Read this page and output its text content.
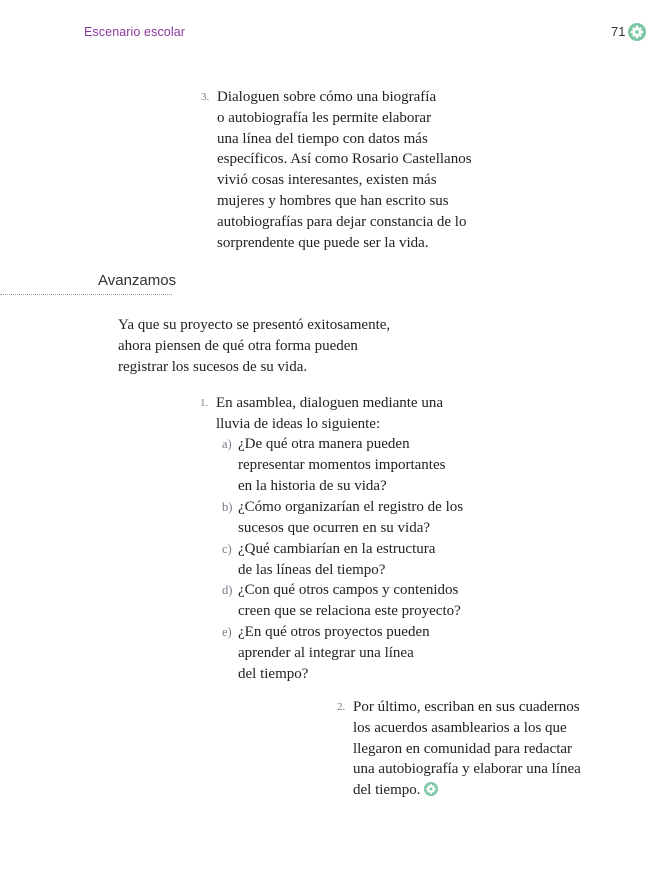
Escenario escolar	71
3. Dialoguen sobre cómo una biografía
o autobiografía les permite elaborar
una línea del tiempo con datos más
específicos. Así como Rosario Castellanos
vivió cosas interesantes, existen más
mujeres y hombres que han escrito sus
autobiografías para dejar constancia de lo
sorprendente que puede ser la vida.

Avanzamos

Ya que su proyecto se presentó exitosamente,
ahora piensen de qué otra forma pueden
registrar los sucesos de su vida.

1. En asamblea, dialoguen mediante una
lluvia de ideas lo siguiente:

a) ¿De qué otra manera pueden
representar momentos importantes
en la historia de su vida?

b) ¿Cómo organizarían el registro de los
sucesos que ocurren en su vida?

c) ¿Qué cambiarían en la estructura
de las líneas del tiempo?

d) ¿Con qué otros campos y contenidos
creen que se relaciona este proyecto?

e) ¿En qué otros proyectos pueden
aprender al integrar una línea
del tiempo?

2. Por último, escriban en sus cuadernos
los acuerdos asamblearios a los que
llegaron en comunidad para redactar
una autobiografía y elaborar una línea
del tiempo.
